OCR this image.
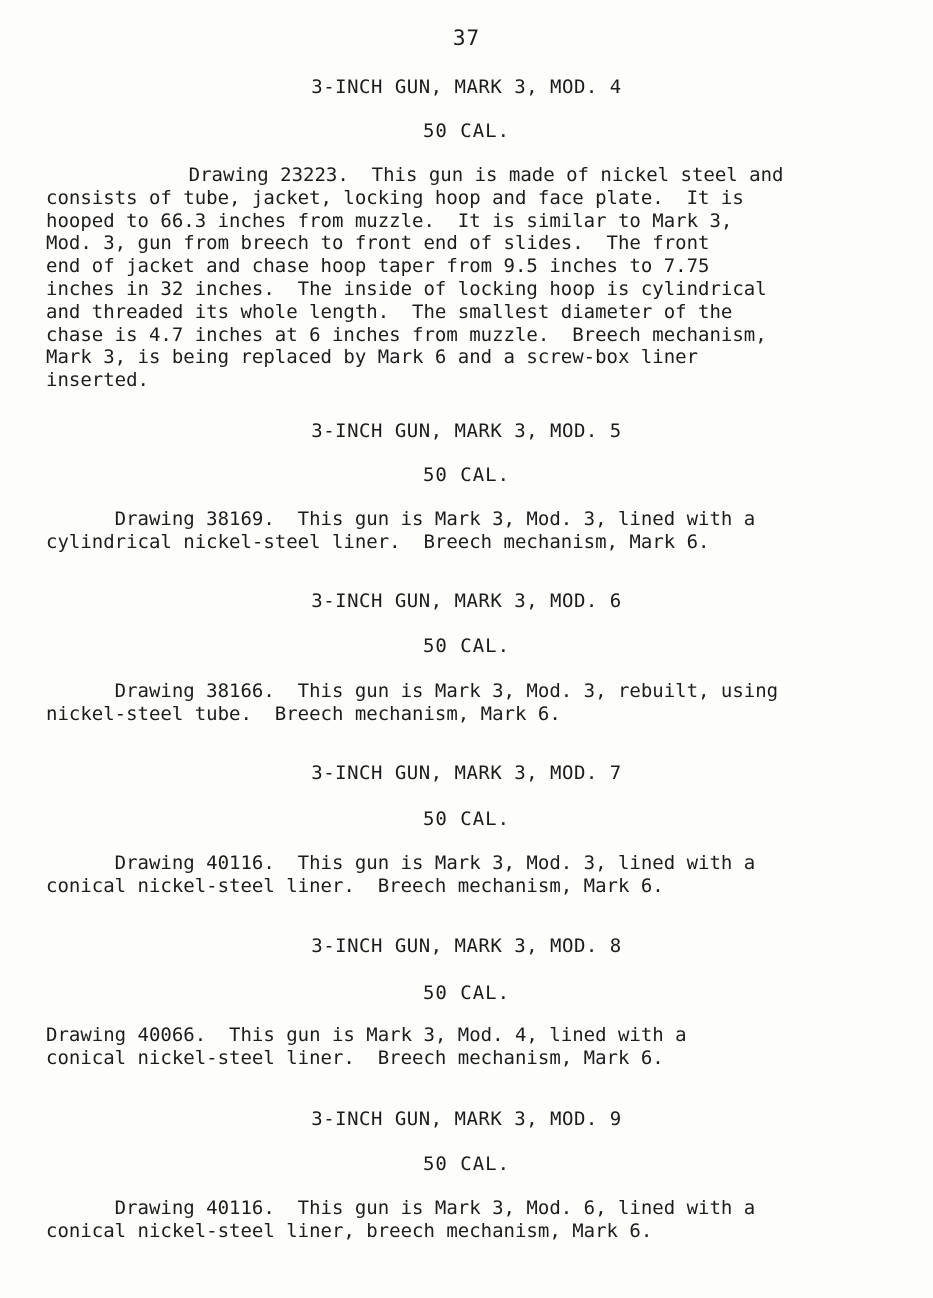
37
3-INCH GUN, MARK 3, MOD. 4
50 CAL.
Drawing 23223.  This gun is made of nickel steel and
consists of tube, jacket, locking hoop and face plate.  It is
hooped to 66.3 inches from muzzle.  It is similar to Mark 3,
Mod. 3, gun from breech to front end of slides.  The front
end of jacket and chase hoop taper from 9.5 inches to 7.75
inches in 32 inches.  The inside of locking hoop is cylindrical
and threaded its whole length.  The smallest diameter of the
chase is 4.7 inches at 6 inches from muzzle.  Breech mechanism,
Mark 3, is being replaced by Mark 6 and a screw-box liner
inserted.
3-INCH GUN, MARK 3, MOD. 5
50 CAL.
Drawing 38169.  This gun is Mark 3, Mod. 3, lined with a
cylindrical nickel-steel liner.  Breech mechanism, Mark 6.
3-INCH GUN, MARK 3, MOD. 6
50 CAL.
Drawing 38166.  This gun is Mark 3, Mod. 3, rebuilt, using
nickel-steel tube.  Breech mechanism, Mark 6.
3-INCH GUN, MARK 3, MOD. 7
50 CAL.
Drawing 40116.  This gun is Mark 3, Mod. 3, lined with a
conical nickel-steel liner.  Breech mechanism, Mark 6.
3-INCH GUN, MARK 3, MOD. 8
50 CAL.
Drawing 40066.  This gun is Mark 3, Mod. 4, lined with a
conical nickel-steel liner.  Breech mechanism, Mark 6.
3-INCH GUN, MARK 3, MOD. 9
50 CAL.
Drawing 40116.  This gun is Mark 3, Mod. 6, lined with a
conical nickel-steel liner, breech mechanism, Mark 6.
